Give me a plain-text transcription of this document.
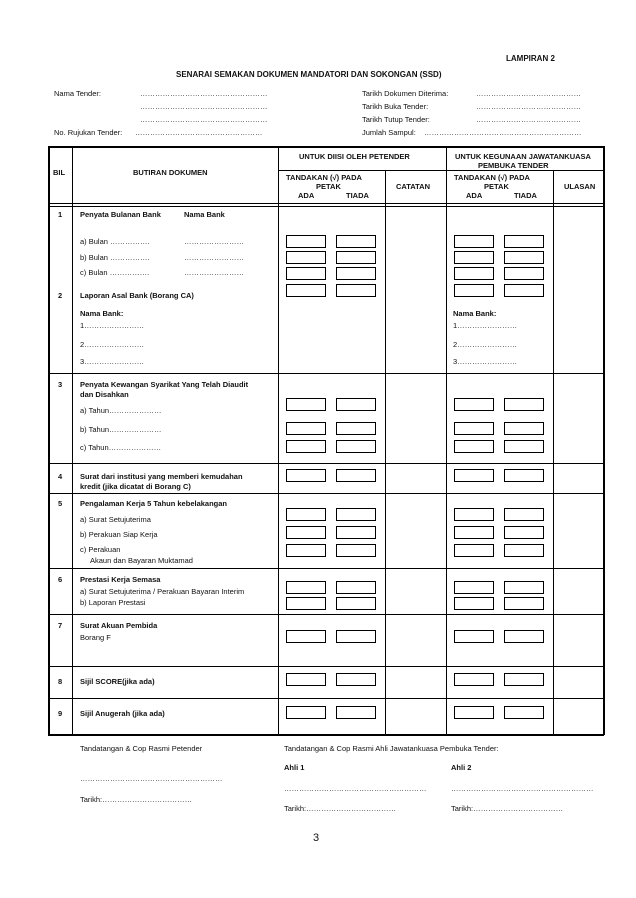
LAMPIRAN 2
SENARAI SEMAKAN DOKUMEN MANDATORI DAN SOKONGAN (SSD)
Nama Tender:	……………………………………………
……………………………………………
……………………………………………
No. Rujukan Tender: ……………………………………………
Tarikh Dokumen Diterima:	……………………………………
Tarikh Buka Tender:	……………………………………
Tarikh Tutup Tender:	……………………………………
Jumlah Sampul: ………………………………………………………
BIL	BUTIRAN DOKUMEN
UNTUK DIISI OLEH PETENDER	UNTUK KEGUNAAN JAWATANKUASA
PEMBUKA TENDER
TANDAKAN (√) PADA
PETAK
ADA	TIADA
CATATAN
TANDAKAN (√) PADA
PETAK
ADA	TIADA
ULASAN
1 Penyata Bulanan Bank	Nama Bank
a) Bulan …………….	……………………
b) Bulan …………….	……………………
c) Bulan …………….	……………………
2 Laporan Asal Bank (Borang CA)
Nama Bank:
1……………………
2……………………
3……………………
Nama Bank:
1……………………
2……………………
3……………………
3 Penyata Kewangan Syarikat Yang Telah Diaudit
dan Disahkan
a) Tahun…………………
b) Tahun…………………
c) Tahun…………………
4 Surat dari institusi yang memberi kemudahan
kredit (jika dicatat di Borang C)
5 Pengalaman Kerja 5 Tahun kebelakangan
a) Surat Setujuterima
b) Perakuan Siap Kerja
c) Perakuan
Akaun dan Bayaran Muktamad
6 Prestasi Kerja Semasa
a) Surat Setujuterima / Perakuan Bayaran Interim
b) Laporan Prestasi
7 Surat Akuan Pembida
Borang F
8 Sijil SCORE(jika ada)
9 Sijil Anugerah (jika ada)
Tandatangan & Cop Rasmi Petender	Tandatangan & Cop Rasmi Ahli Jawatankuasa Pembuka Tender:
Ahli 1	Ahli 2
…………………………………………………
…………………………………………………	…………………………………………………
Tarikh:………………………………
Tarikh:………………………………	Tarikh:………………………………
3
